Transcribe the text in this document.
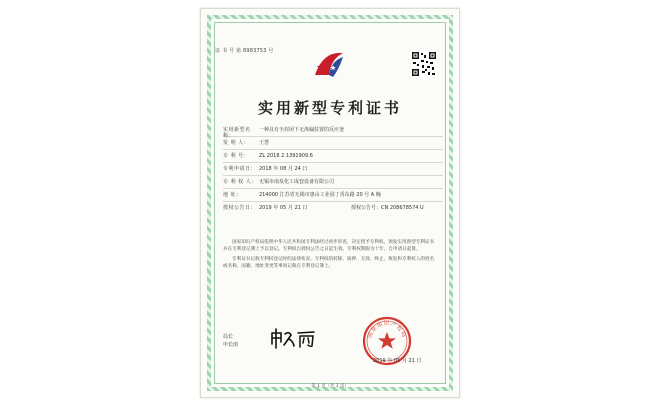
证 书 号 第 8983753 号
实用新型专利证书
实用新型名称：
一种具有全封闭下无渗漏装置的反应釜
发 明 人：	王慧
专 利 号：	ZL 2018 2 1391909.6
专利申请日： 2018 年 08 月 24 日
专 利 权 人： 无锡市南泉化工成套设备有限公司
地 址：	214000 江苏省无锡市惠山工业园丁香东路 20 号 A 幢
授权公告日： 2019 年 05 月 21 日	授权公告号：CN 208678574 U

国家知识产权局依照中华人民共和国专利法经过初步审查，决定授予专利权，颁发实用新型专利证书并在专利登记簿上予以登记。专利权自授权公告之日起生效。专利权期限为十年，自申请日起算。

专利证书记载专利权登记时的法律状况。专利权的转移、质押、无效、终止、恢复和专利权人的姓名或名称、国籍、地址变更等事项记载在专利登记簿上。

局长
申长雨
国家知识产权局
2019 年 05 月 21 日
第 1 页（共 1 页）
